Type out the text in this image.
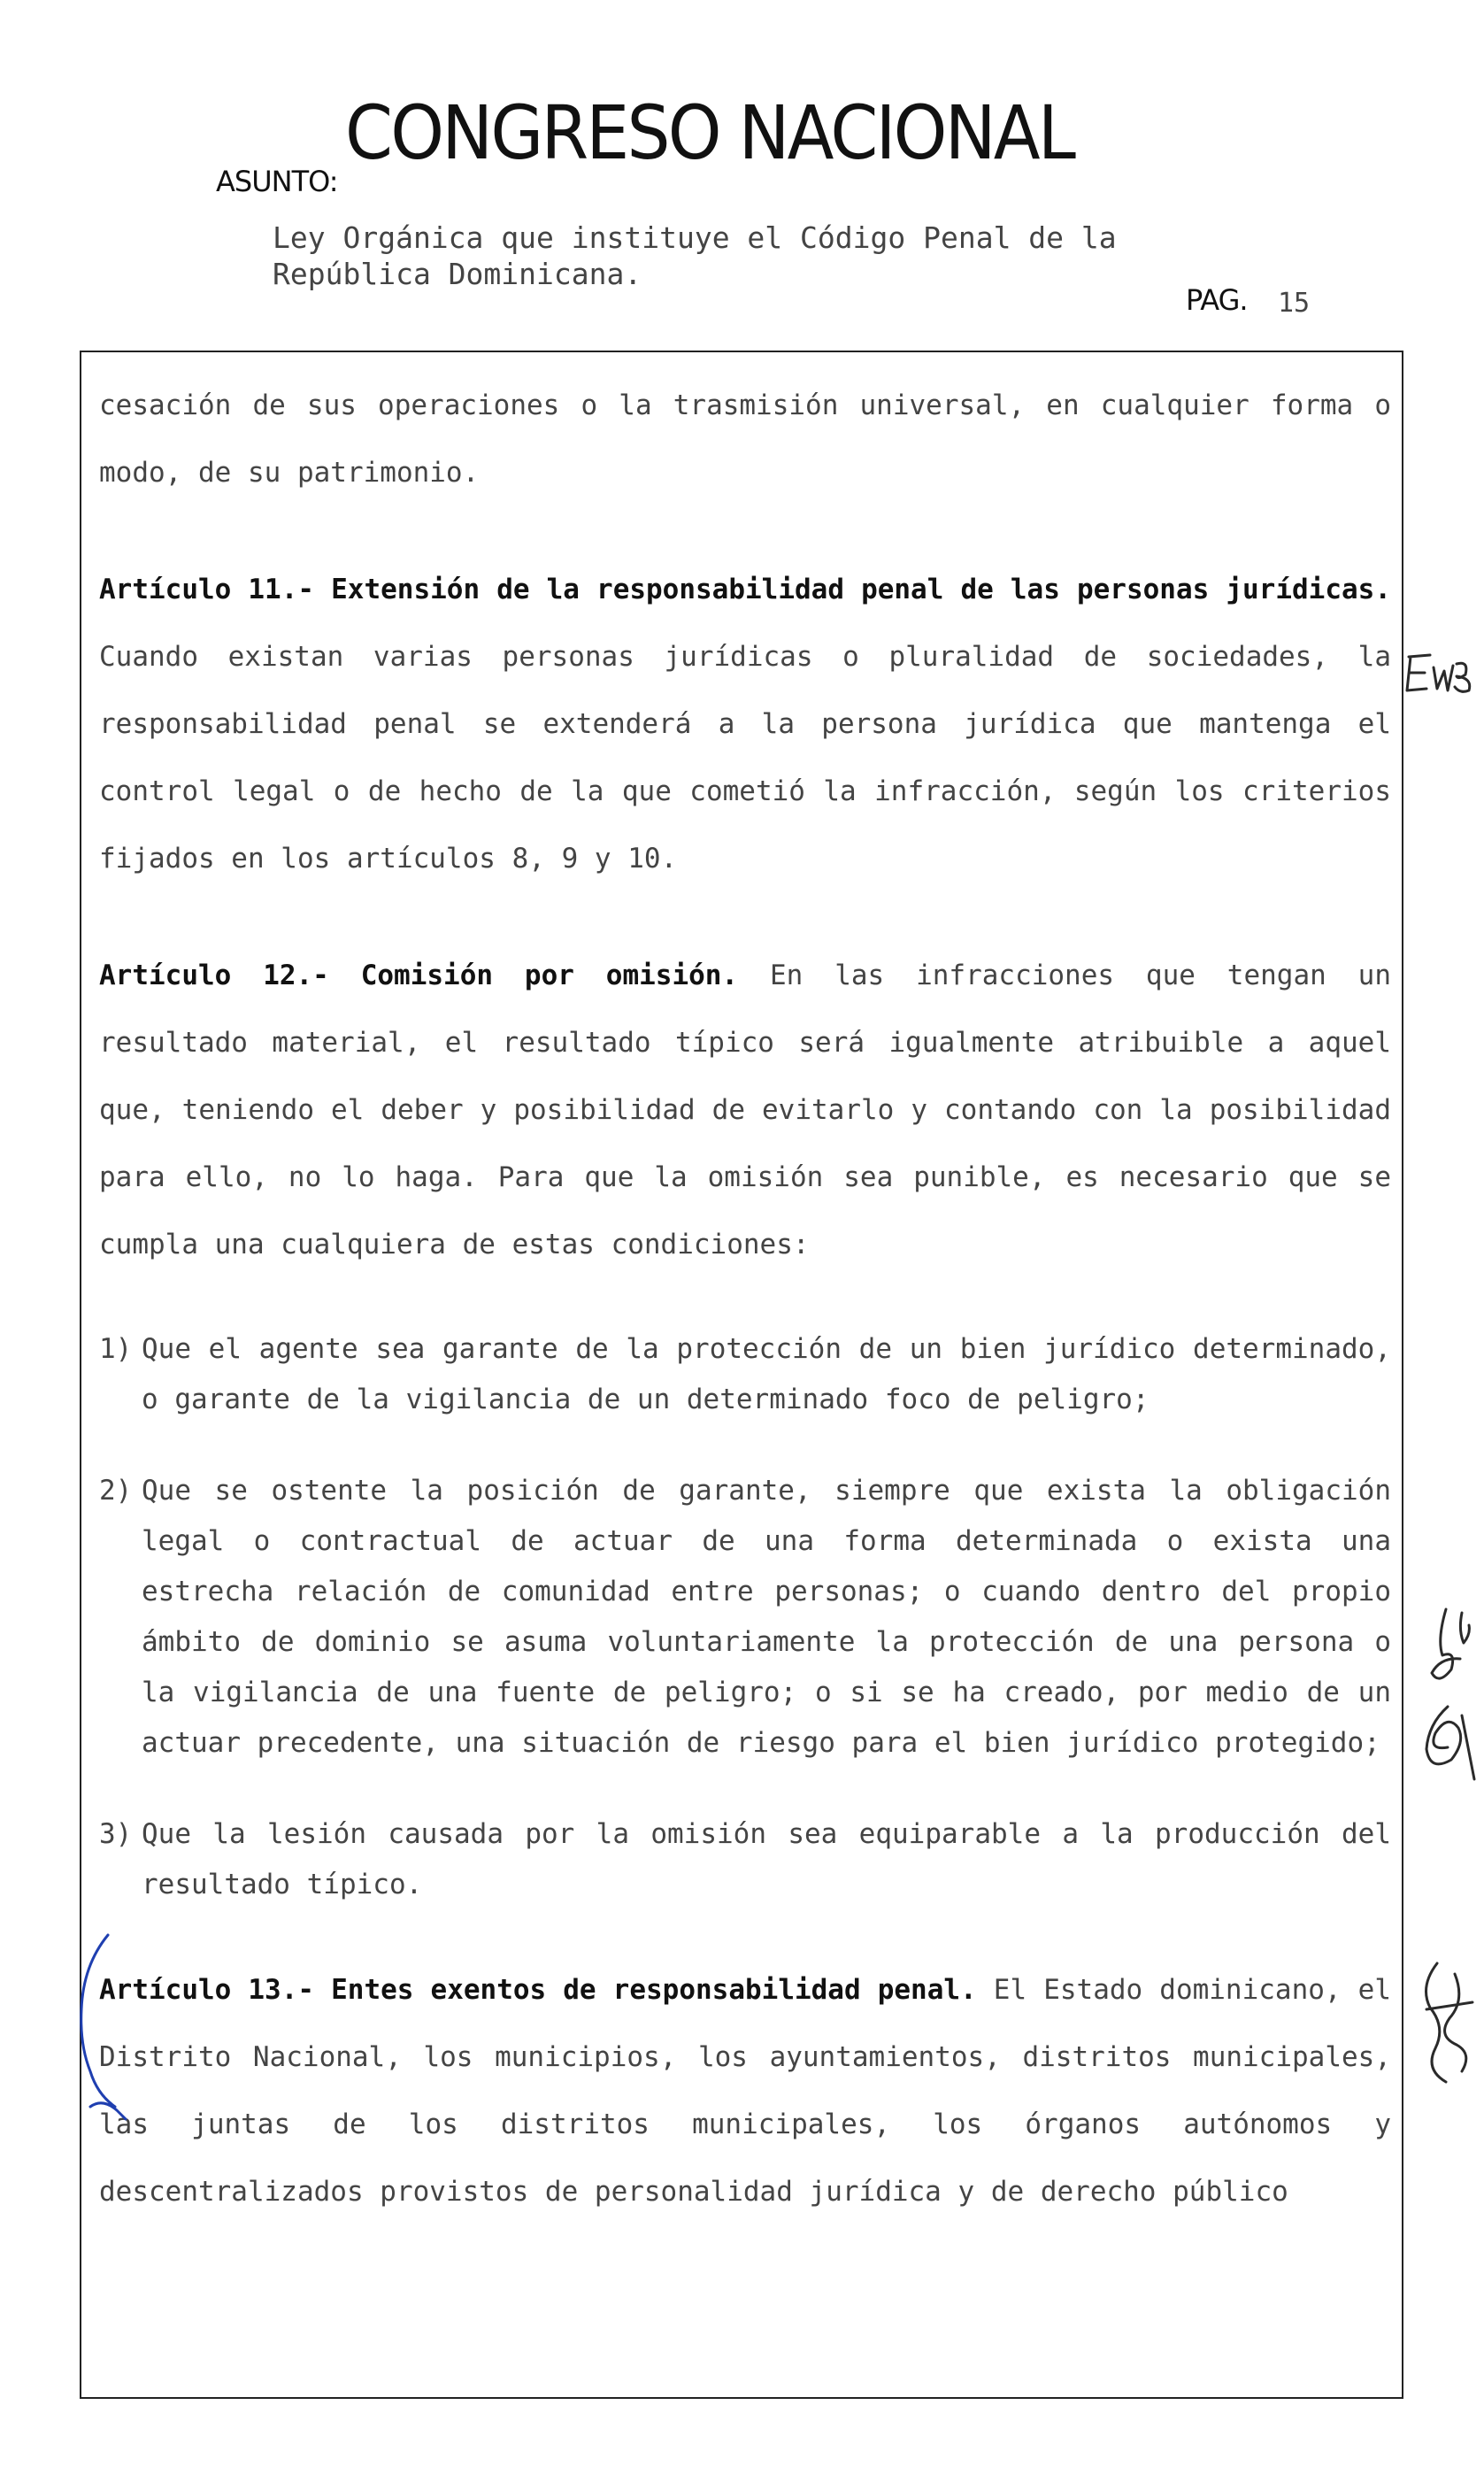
CONGRESO NACIONAL
ASUNTO:
Ley Orgánica que instituye el Código Penal de la República Dominicana.
PAG. 15

cesación de sus operaciones o la trasmisión universal, en cualquier forma o modo, de su patrimonio.

Artículo 11.- Extensión de la responsabilidad penal de las personas jurídicas. Cuando existan varias personas jurídicas o pluralidad de sociedades, la responsabilidad penal se extenderá a la persona jurídica que mantenga el control legal o de hecho de la que cometió la infracción, según los criterios fijados en los artículos 8, 9 y 10.

Artículo 12.- Comisión por omisión. En las infracciones que tengan un resultado material, el resultado típico será igualmente atribuible a aquel que, teniendo el deber y posibilidad de evitarlo y contando con la posibilidad para ello, no lo haga. Para que la omisión sea punible, es necesario que se cumpla una cualquiera de estas condiciones:

1) Que el agente sea garante de la protección de un bien jurídico determinado, o garante de la vigilancia de un determinado foco de peligro;
2) Que se ostente la posición de garante, siempre que exista la obligación legal o contractual de actuar de una forma determinada o exista una estrecha relación de comunidad entre personas; o cuando dentro del propio ámbito de dominio se asuma voluntariamente la protección de una persona o la vigilancia de una fuente de peligro; o si se ha creado, por medio de un actuar precedente, una situación de riesgo para el bien jurídico protegido;
3) Que la lesión causada por la omisión sea equiparable a la producción del resultado típico.

Artículo 13.- Entes exentos de responsabilidad penal. El Estado dominicano, el Distrito Nacional, los municipios, los ayuntamientos, distritos municipales, las juntas de los distritos municipales, los órganos autónomos y descentralizados provistos de personalidad jurídica y de derecho público
